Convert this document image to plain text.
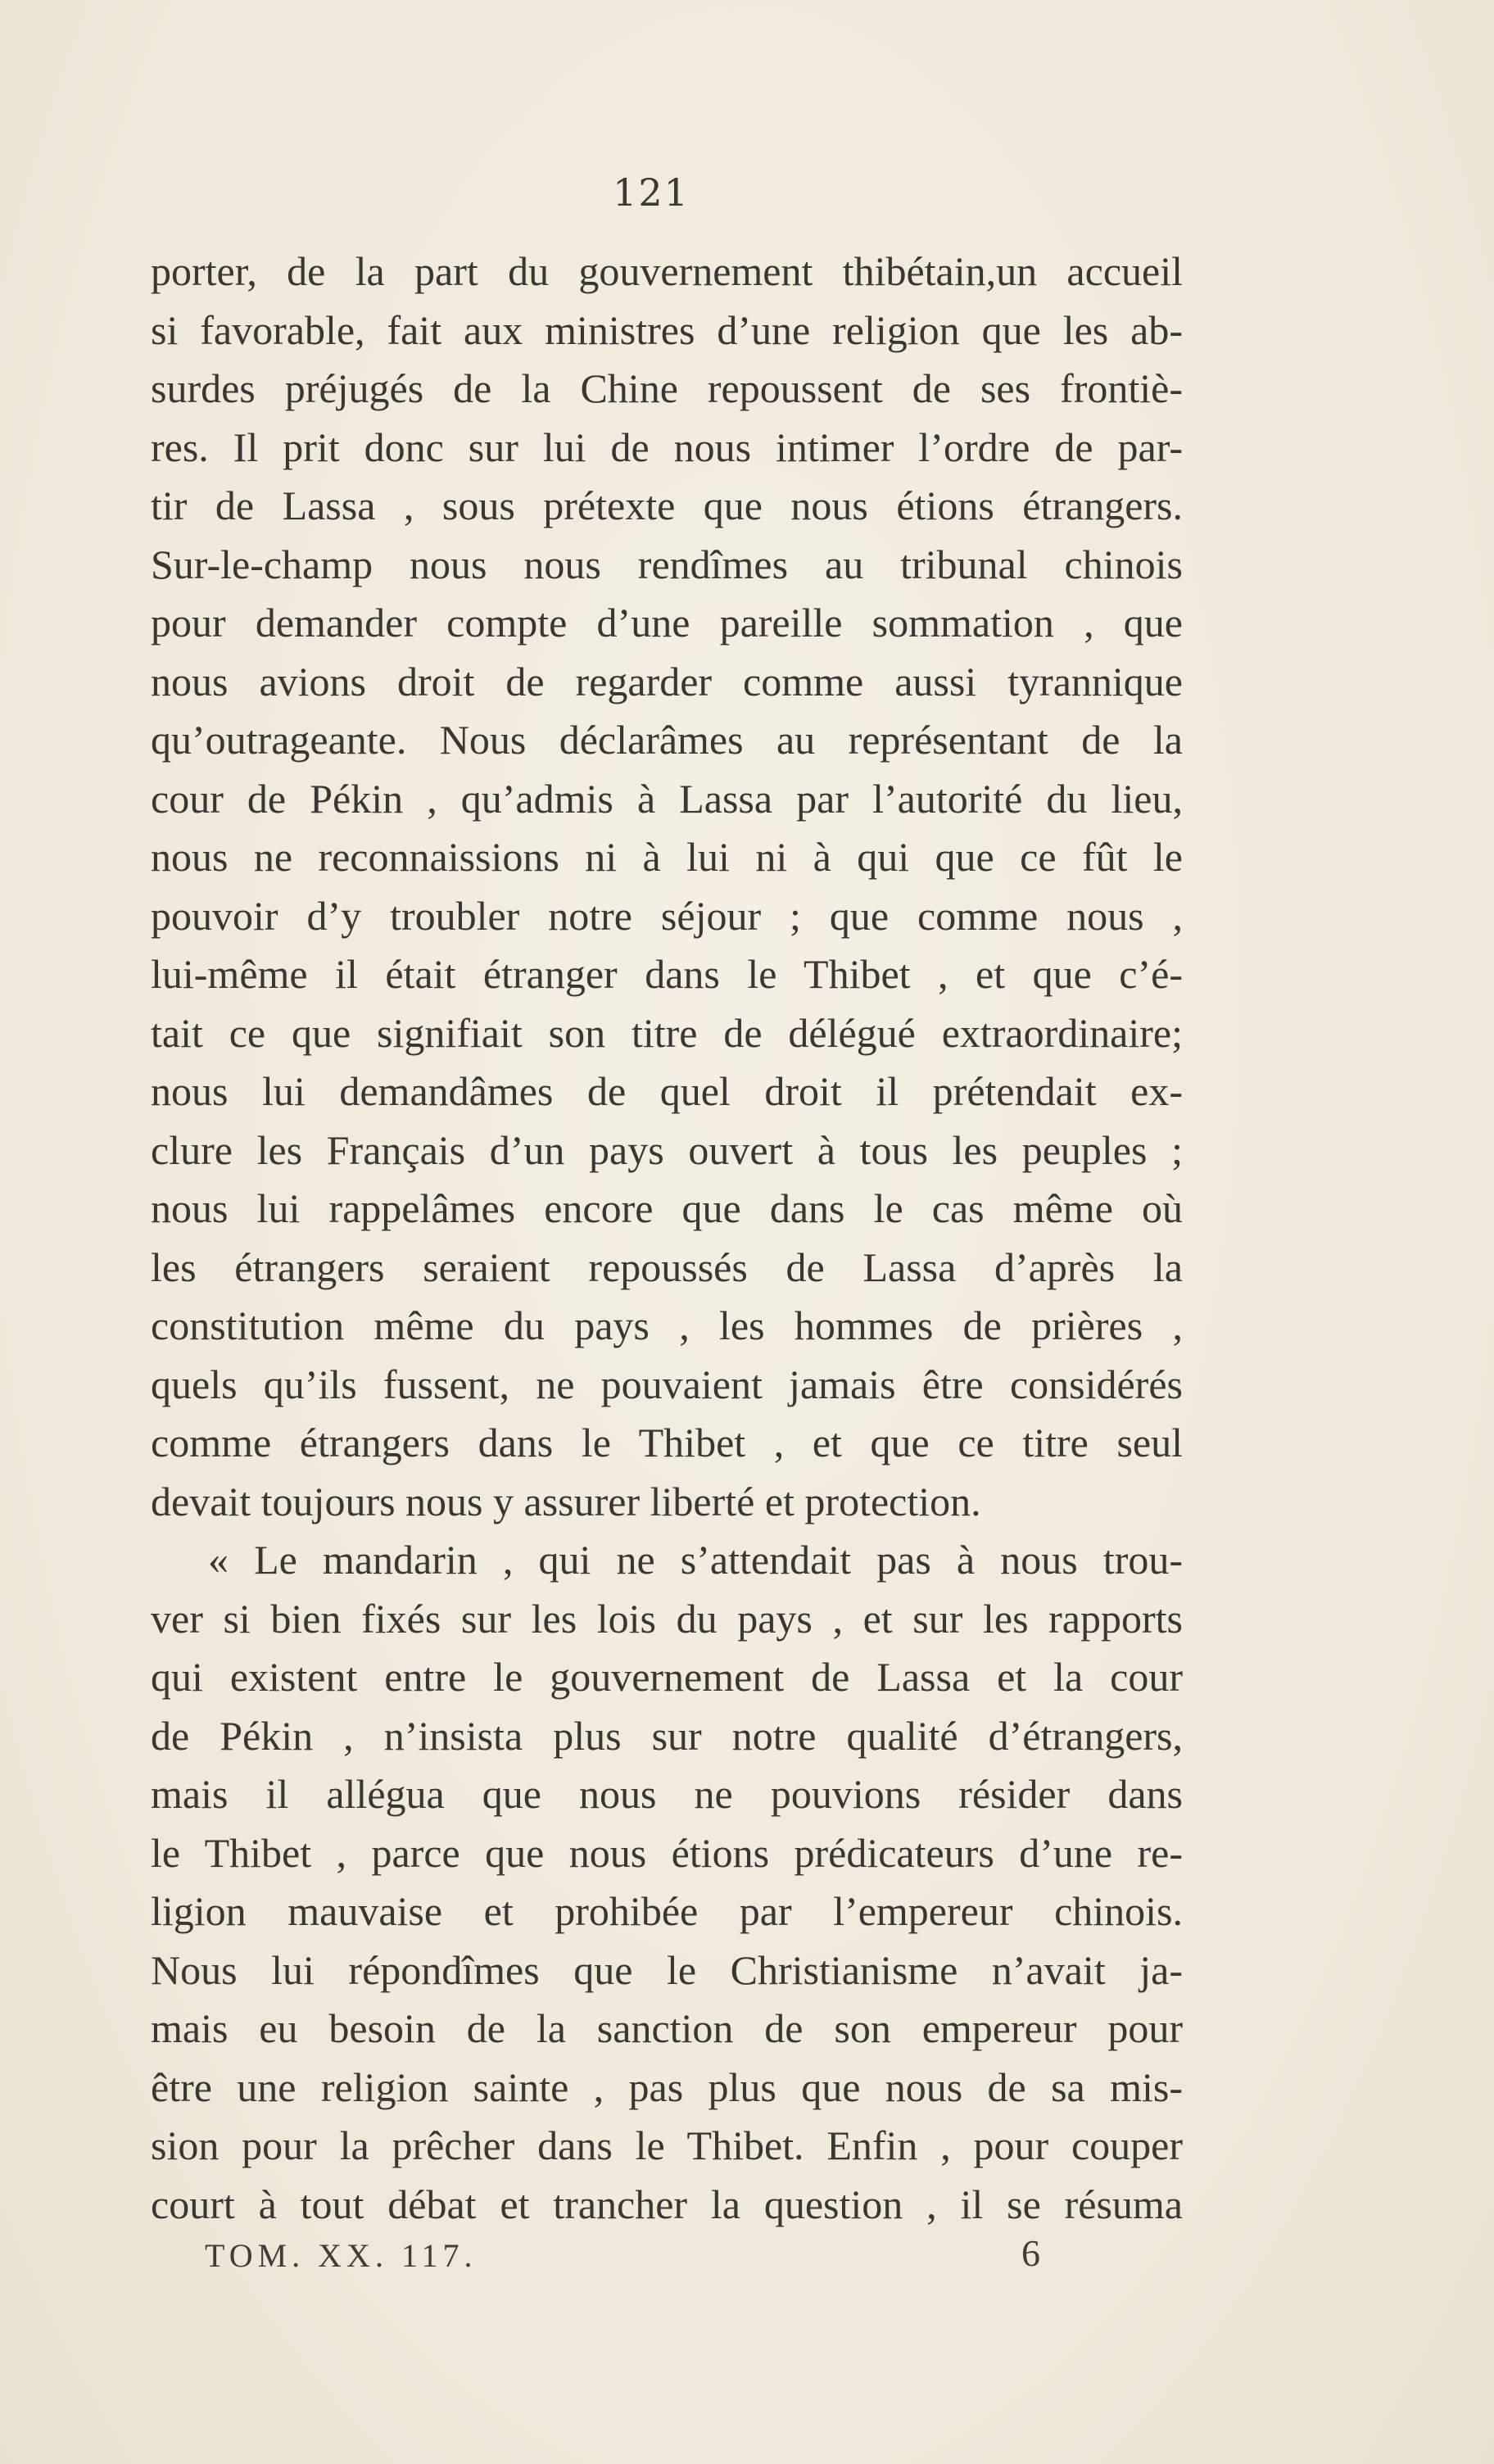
121
porter, de la part du gouvernement thibétain,un accueil
si favorable, fait aux ministres d’une religion que les ab-
surdes préjugés de la Chine repoussent de ses frontiè-
res. Il prit donc sur lui de nous intimer l’ordre de par-
tir de Lassa , sous prétexte que nous étions étrangers.
Sur-le-champ nous nous rendîmes au tribunal chinois
pour demander compte d’une pareille sommation , que
nous avions droit de regarder comme aussi tyrannique
qu’outrageante. Nous déclarâmes au représentant de la
cour de Pékin , qu’admis à Lassa par l’autorité du lieu,
nous ne reconnaissions ni à lui ni à qui que ce fût le
pouvoir d’y troubler notre séjour ; que comme nous ,
lui-même il était étranger dans le Thibet , et que c’é-
tait ce que signifiait son titre de délégué extraordinaire;
nous lui demandâmes de quel droit il prétendait ex-
clure les Français d’un pays ouvert à tous les peuples ;
nous lui rappelâmes encore que dans le cas même où
les étrangers seraient repoussés de Lassa d’après la
constitution même du pays , les hommes de prières ,
quels qu’ils fussent, ne pouvaient jamais être considérés
comme étrangers dans le Thibet , et que ce titre seul
devait toujours nous y assurer liberté et protection.
« Le mandarin , qui ne s’attendait pas à nous trou-
ver si bien fixés sur les lois du pays , et sur les rapports
qui existent entre le gouvernement de Lassa et la cour
de Pékin , n’insista plus sur notre qualité d’étrangers,
mais il allégua que nous ne pouvions résider dans
le Thibet , parce que nous étions prédicateurs d’une re-
ligion mauvaise et prohibée par l’empereur chinois.
Nous lui répondîmes que le Christianisme n’avait ja-
mais eu besoin de la sanction de son empereur pour
être une religion sainte , pas plus que nous de sa mis-
sion pour la prêcher dans le Thibet. Enfin , pour couper
court à tout débat et trancher la question , il se résuma
TOM. XX. 117.	6
